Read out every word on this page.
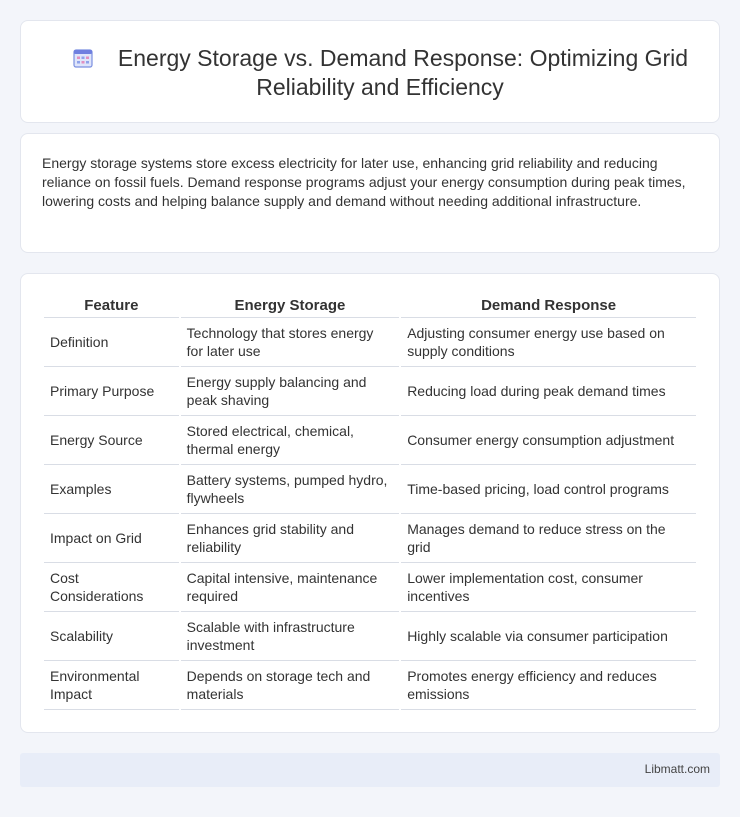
Energy Storage vs. Demand Response: Optimizing Grid Reliability and Efficiency

Energy storage systems store excess electricity for later use, enhancing grid reliability and reducing reliance on fossil fuels. Demand response programs adjust your energy consumption during peak times, lowering costs and helping balance supply and demand without needing additional infrastructure.

Feature	Energy Storage	Demand Response
Definition	Technology that stores energy for later use	Adjusting consumer energy use based on supply conditions
Primary Purpose	Energy supply balancing and peak shaving	Reducing load during peak demand times
Energy Source	Stored electrical, chemical, thermal energy	Consumer energy consumption adjustment
Examples	Battery systems, pumped hydro, flywheels	Time-based pricing, load control programs
Impact on Grid	Enhances grid stability and reliability	Manages demand to reduce stress on the grid
Cost Considerations	Capital intensive, maintenance required	Lower implementation cost, consumer incentives
Scalability	Scalable with infrastructure investment	Highly scalable via consumer participation
Environmental Impact	Depends on storage tech and materials	Promotes energy efficiency and reduces emissions
Libmatt.com
